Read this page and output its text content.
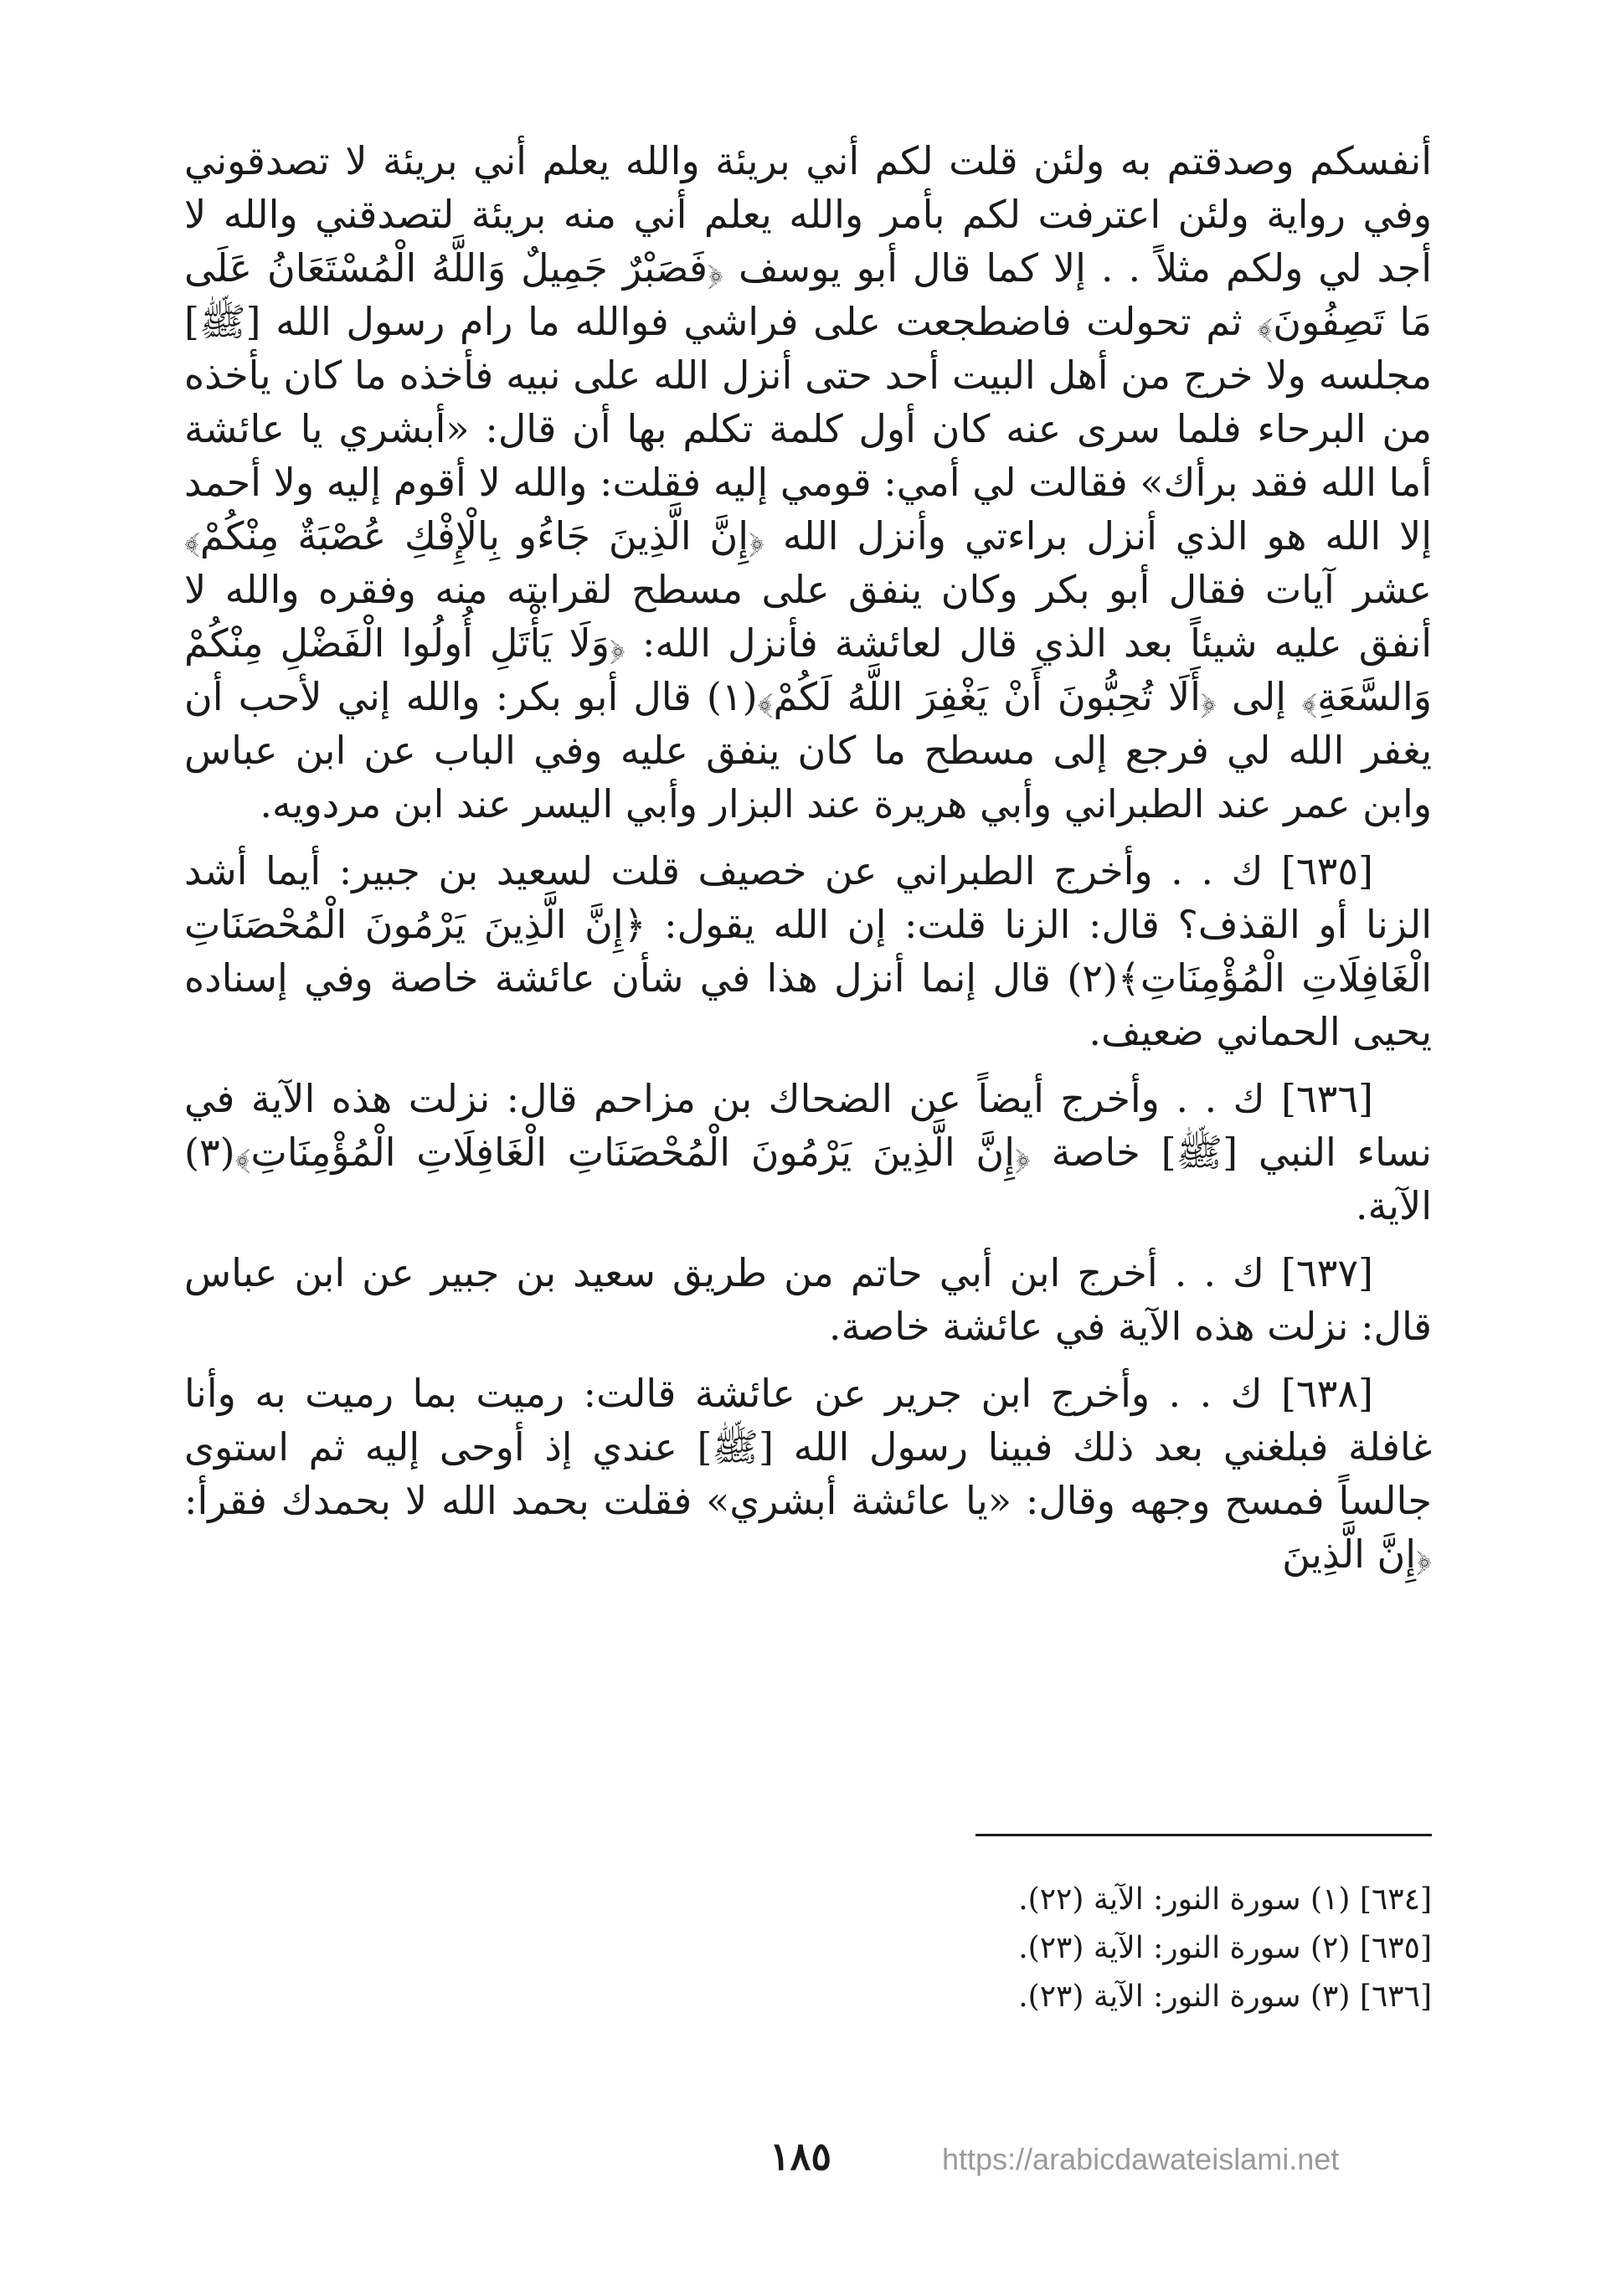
أنفسكم وصدقتم به ولئن قلت لكم أني بريئة والله يعلم أني بريئة لا تصدقوني وفي رواية ولئن اعترفت لكم بأمر والله يعلم أني منه بريئة لتصدقني والله لا أجد لي ولكم مثلاً . . إلا كما قال أبو يوسف ﴿فَصَبْرٌ جَمِيلٌ وَاللَّهُ الْمُسْتَعَانُ عَلَى مَا تَصِفُونَ﴾ ثم تحولت فاضطجعت على فراشي فوالله ما رام رسول الله [ﷺ] مجلسه ولا خرج من أهل البيت أحد حتى أنزل الله على نبيه فأخذه ما كان يأخذه من البرحاء فلما سرى عنه كان أول كلمة تكلم بها أن قال: «أبشري يا عائشة أما الله فقد برأك» فقالت لي أمي: قومي إليه فقلت: والله لا أقوم إليه ولا أحمد إلا الله هو الذي أنزل براءتي وأنزل الله ﴿إِنَّ الَّذِينَ جَاءُو بِالْإِفْكِ عُصْبَةٌ مِنْكُمْ﴾ عشر آيات فقال أبو بكر وكان ينفق على مسطح لقرابته منه وفقره والله لا أنفق عليه شيئاً بعد الذي قال لعائشة فأنزل الله: ﴿وَلَا يَأْتَلِ أُولُوا الْفَضْلِ مِنْكُمْ وَالسَّعَةِ﴾ إلى ﴿أَلَا تُحِبُّونَ أَنْ يَغْفِرَ اللَّهُ لَكُمْ﴾(١) قال أبو بكر: والله إني لأحب أن يغفر الله لي فرجع إلى مسطح ما كان ينفق عليه وفي الباب عن ابن عباس وابن عمر عند الطبراني وأبي هريرة عند البزار وأبي اليسر عند ابن مردويه.

[٦٣٥] ك . . وأخرج الطبراني عن خصيف قلت لسعيد بن جبير: أيما أشد الزنا أو القذف؟ قال: الزنا قلت: إن الله يقول: ﴿إِنَّ الَّذِينَ يَرْمُونَ الْمُحْصَنَاتِ الْغَافِلَاتِ الْمُؤْمِنَاتِ﴾(٢) قال إنما أنزل هذا في شأن عائشة خاصة وفي إسناده يحيى الحماني ضعيف.

[٦٣٦] ك . . وأخرج أيضاً عن الضحاك بن مزاحم قال: نزلت هذه الآية في نساء النبي [ﷺ] خاصة ﴿إِنَّ الَّذِينَ يَرْمُونَ الْمُحْصَنَاتِ الْغَافِلَاتِ الْمُؤْمِنَاتِ﴾(٣) الآية.

[٦٣٧] ك . . أخرج ابن أبي حاتم من طريق سعيد بن جبير عن ابن عباس قال: نزلت هذه الآية في عائشة خاصة.

[٦٣٨] ك . . وأخرج ابن جرير عن عائشة قالت: رميت بما رميت به وأنا غافلة فبلغني بعد ذلك فبينا رسول الله [ﷺ] عندي إذ أوحى إليه ثم استوى جالساً فمسح وجهه وقال: «يا عائشة أبشري» فقلت بحمد الله لا بحمدك فقرأ: ﴿إِنَّ الَّذِينَ

[٦٣٤] (١) سورة النور: الآية (٢٢).

[٦٣٥] (٢) سورة النور: الآية (٢٣).

[٦٣٦] (٣) سورة النور: الآية (٢٣).

١٨٥	https://arabicdawateislami.net
